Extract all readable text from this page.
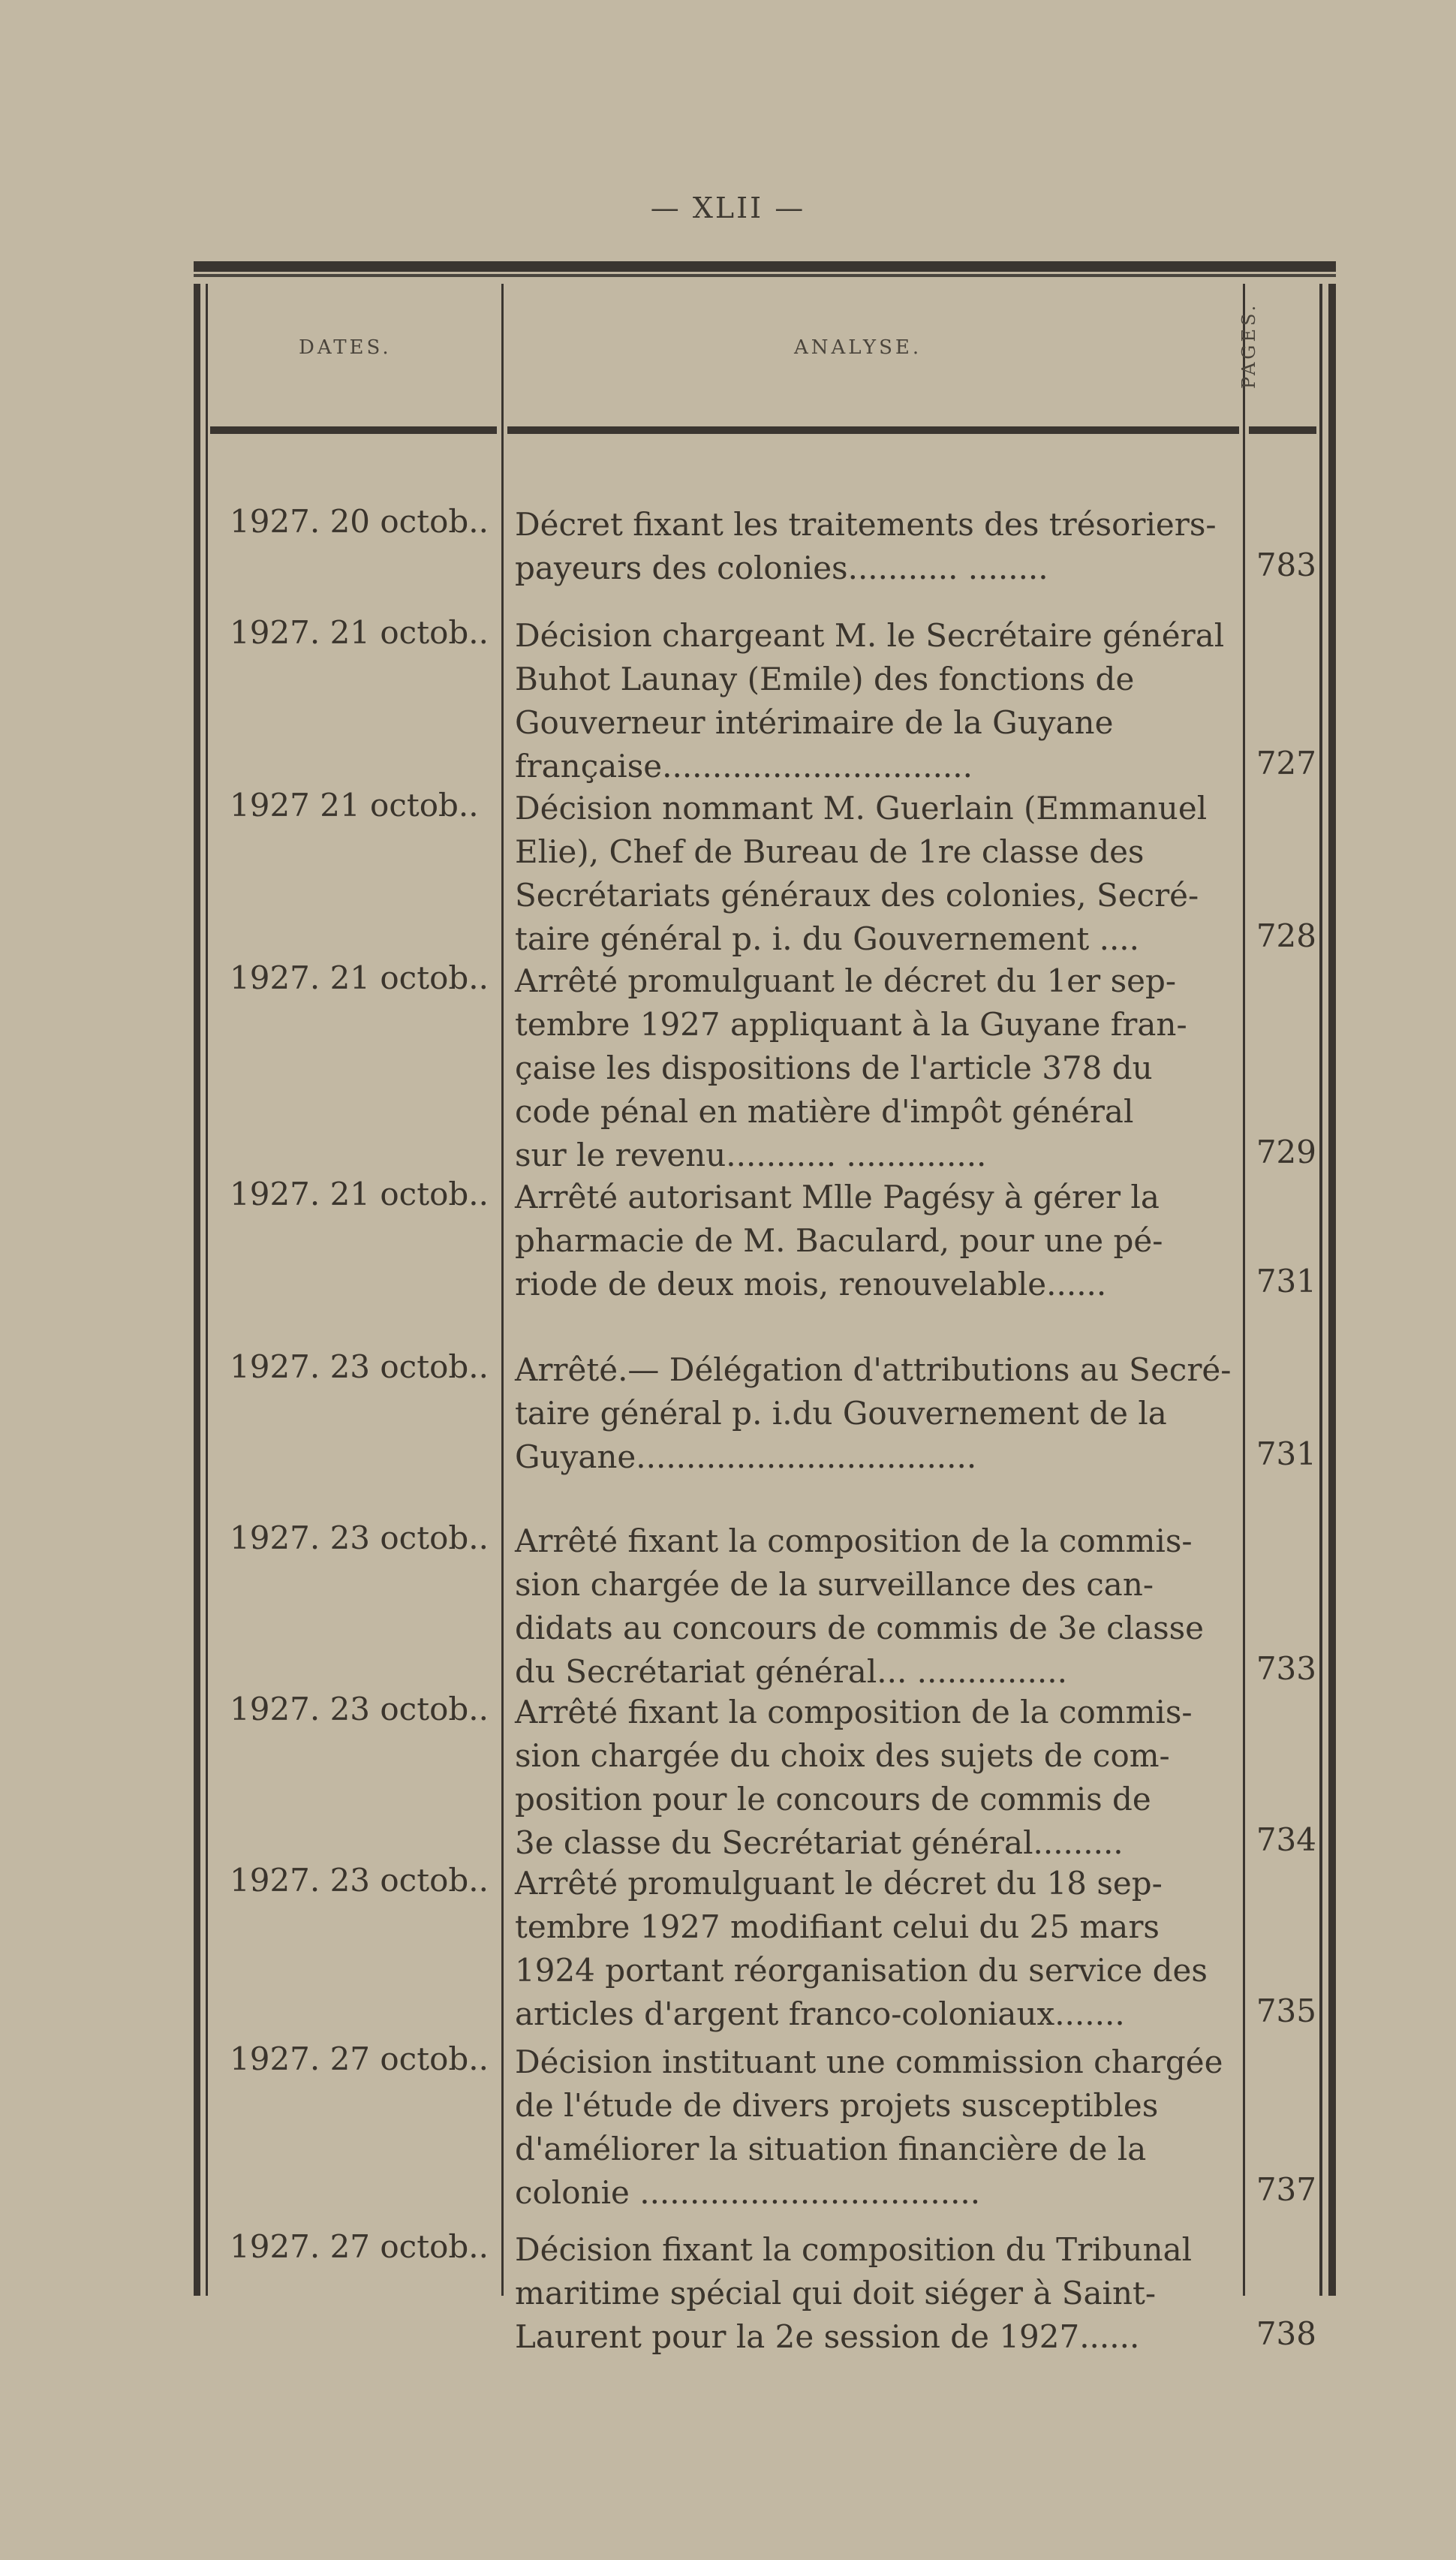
— XLII —
DATES.	ANALYSE.	PAGES.
1927. 20 octob.. Décret fixant les traitements des trésoriers-
payeurs des colonies........... ........	783
1927. 21 octob.. Décision chargeant M. le Secrétaire général
Buhot Launay (Emile) des fonctions de
Gouverneur intérimaire de la Guyane
française...............................	727
1927 21 octob.. Décision nommant M. Guerlain (Emmanuel
Elie), Chef de Bureau de 1re classe des
Secrétariats généraux des colonies, Secré-
taire général p. i. du Gouvernement ....	728
1927. 21 octob.. Arrêté promulguant le décret du 1er sep-
tembre 1927 appliquant à la Guyane fran-
çaise les dispositions de l'article 378 du
code pénal en matière d'impôt général
sur le revenu........... ..............	729
1927. 21 octob.. Arrêté autorisant Mlle Pagésy à gérer la
pharmacie de M. Baculard, pour une pé-
riode de deux mois, renouvelable......	731
1927. 23 octob.. Arrêté.— Délégation d'attributions au Secré-
taire général p. i.du Gouvernement de la
Guyane..................................	731
1927. 23 octob.. Arrêté fixant la composition de la commis-
sion chargée de la surveillance des can-
didats au concours de commis de 3e classe
du Secrétariat général... ...............	733
1927. 23 octob.. Arrêté fixant la composition de la commis-
sion chargée du choix des sujets de com-
position pour le concours de commis de
3e classe du Secrétariat général.........	734
1927. 23 octob.. Arrêté promulguant le décret du 18 sep-
tembre 1927 modifiant celui du 25 mars
1924 portant réorganisation du service des
articles d'argent franco-coloniaux.......	735
1927. 27 octob.. Décision instituant une commission chargée
de l'étude de divers projets susceptibles
d'améliorer la situation financière de la
colonie ..................................	737
1927. 27 octob.. Décision fixant la composition du Tribunal
maritime spécial qui doit siéger à Saint-
Laurent pour la 2e session de 1927......	738
